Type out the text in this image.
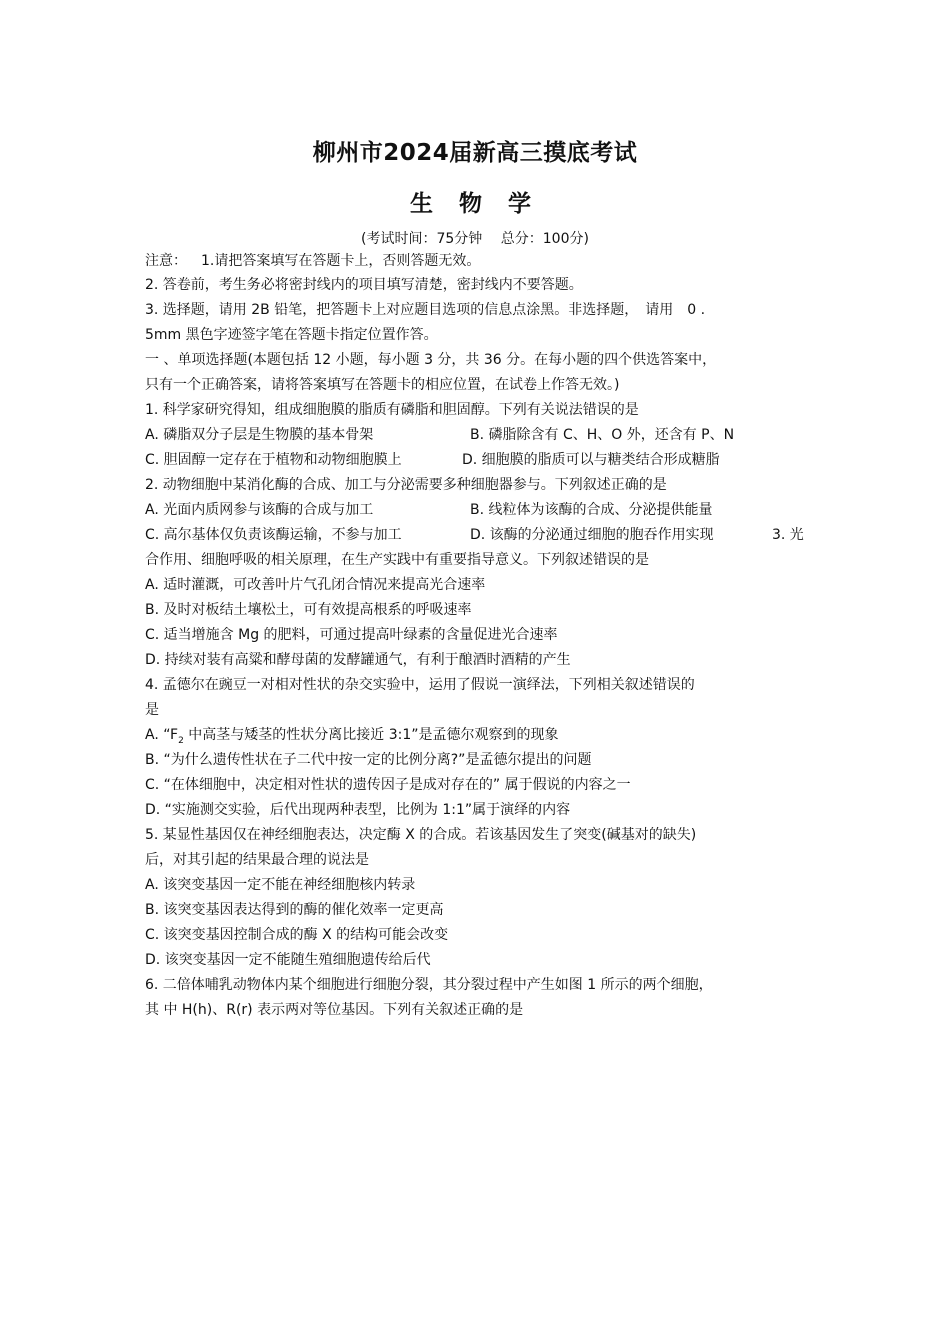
柳州市2024届新高三摸底考试
生 物 学
(考试时间：75分钟　 总分：100分)
注意： 1.请把答案填写在答题卡上，否则答题无效。
2. 答卷前，考生务必将密封线内的项目填写清楚，密封线内不要答题。
3. 选择题，请用 2B 铅笔，把答题卡上对应题目选项的信息点涂黑。非选择题，　请用　0 .
5mm 黑色字迹签字笔在答题卡指定位置作答。
一 、单项选择题(本题包括 12 小题，每小题 3 分，共 36 分。在每小题的四个供选答案中，
只有一个正确答案，请将答案填写在答题卡的相应位置，在试卷上作答无效。)
1. 科学家研究得知，组成细胞膜的脂质有磷脂和胆固醇。下列有关说法错误的是
A. 磷脂双分子层是生物膜的基本骨架	B. 磷脂除含有 C、H、O 外，还含有 P、N
C. 胆固醇一定存在于植物和动物细胞膜上	D. 细胞膜的脂质可以与糖类结合形成糖脂
2. 动物细胞中某消化酶的合成、加工与分泌需要多种细胞器参与。下列叙述正确的是
A. 光面内质网参与该酶的合成与加工	B. 线粒体为该酶的合成、分泌提供能量
C. 高尔基体仅负责该酶运输，不参与加工	D. 该酶的分泌通过细胞的胞吞作用实现	3. 光
合作用、细胞呼吸的相关原理，在生产实践中有重要指导意义。下列叙述错误的是
A. 适时灌溉，可改善叶片气孔闭合情况来提高光合速率
B. 及时对板结土壤松土，可有效提高根系的呼吸速率
C. 适当增施含 Mg 的肥料，可通过提高叶绿素的含量促进光合速率
D. 持续对装有高粱和酵母菌的发酵罐通气，有利于酿酒时酒精的产生
4. 孟德尔在豌豆一对相对性状的杂交实验中，运用了假说一演绎法，下列相关叙述错误的
是
A. “$F_2$ 中高茎与矮茎的性状分离比接近 3:1”是孟德尔观察到的现象
B. “为什么遗传性状在子二代中按一定的比例分离?”是孟德尔提出的问题
C. “在体细胞中，决定相对性状的遗传因子是成对存在的” 属于假说的内容之一
D. “实施测交实验，后代出现两种表型，比例为 1:1”属于演绎的内容
5. 某显性基因仅在神经细胞表达，决定酶 X 的合成。若该基因发生了突变(碱基对的缺失)
后，对其引起的结果最合理的说法是
A. 该突变基因一定不能在神经细胞核内转录
B. 该突变基因表达得到的酶的催化效率一定更高
C. 该突变基因控制合成的酶 X 的结构可能会改变
D. 该突变基因一定不能随生殖细胞遗传给后代
6. 二倍体哺乳动物体内某个细胞进行细胞分裂，其分裂过程中产生如图 1 所示的两个细胞，
其 中 H(h)、R(r) 表示两对等位基因。下列有关叙述正确的是
